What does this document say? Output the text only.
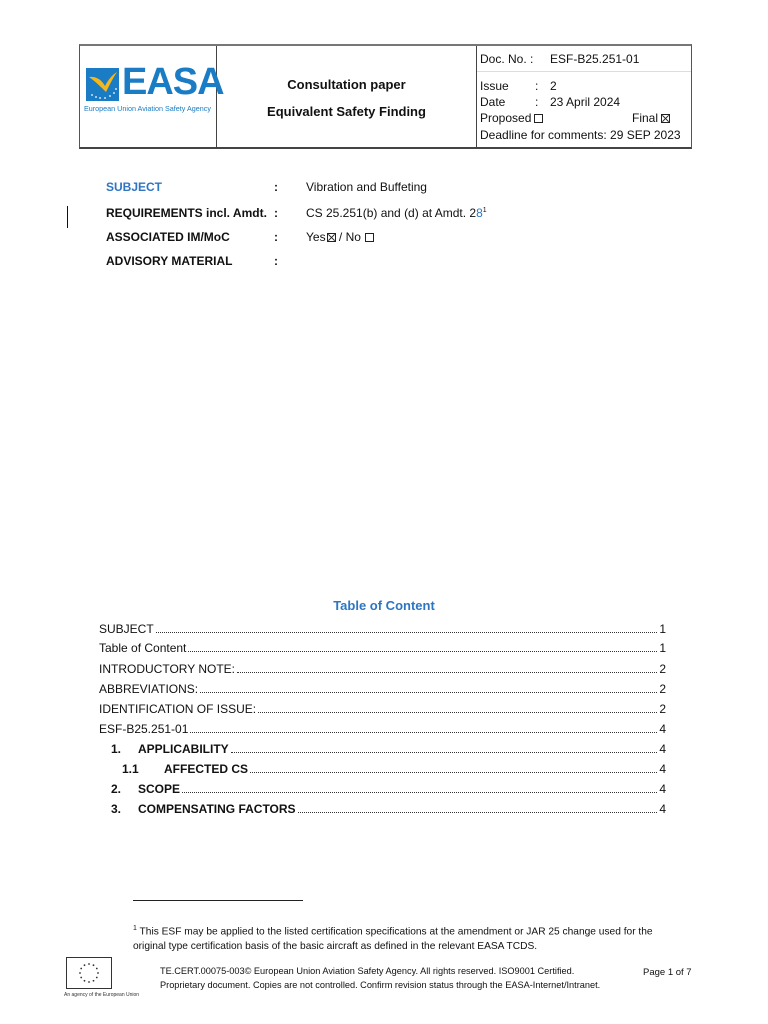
EASA
European Union Aviation Safety Agency
Consultation paper
Equivalent Safety Finding
Doc. No. : ESF-B25.251-01
Issue : 2
Date : 23 April 2024
Proposed	Final
Deadline for comments: 29 SEP 2023
SUBJECT	: Vibration and Buffeting
REQUIREMENTS incl. Amdt. : CS 25.251(b) and (d) at Amdt. $28^1$
ASSOCIATED IM/MoC	: Yes / No
ADVISORY MATERIAL	:
Table of Content
SUBJECT	1
Table of Content	1
INTRODUCTORY NOTE:	2
ABBREVIATIONS:	2
IDENTIFICATION OF ISSUE:	2
ESF-B25.251-01	4
1.	APPLICABILITY	4
1.1	AFFECTED CS	4
2.	SCOPE	4
3.	COMPENSATING FACTORS	4
$^1$ This ESF may be applied to the listed certification specifications at the amendment or JAR 25 change used for the original type certification basis of the basic aircraft as defined in the relevant EASA TCDS.
An agency of the European Union
TE.CERT.00075-003© European Union Aviation Safety Agency. All rights reserved. ISO9001 Certified.
Proprietary document. Copies are not controlled. Confirm revision status through the EASA-Internet/Intranet.
Page 1 of 7
